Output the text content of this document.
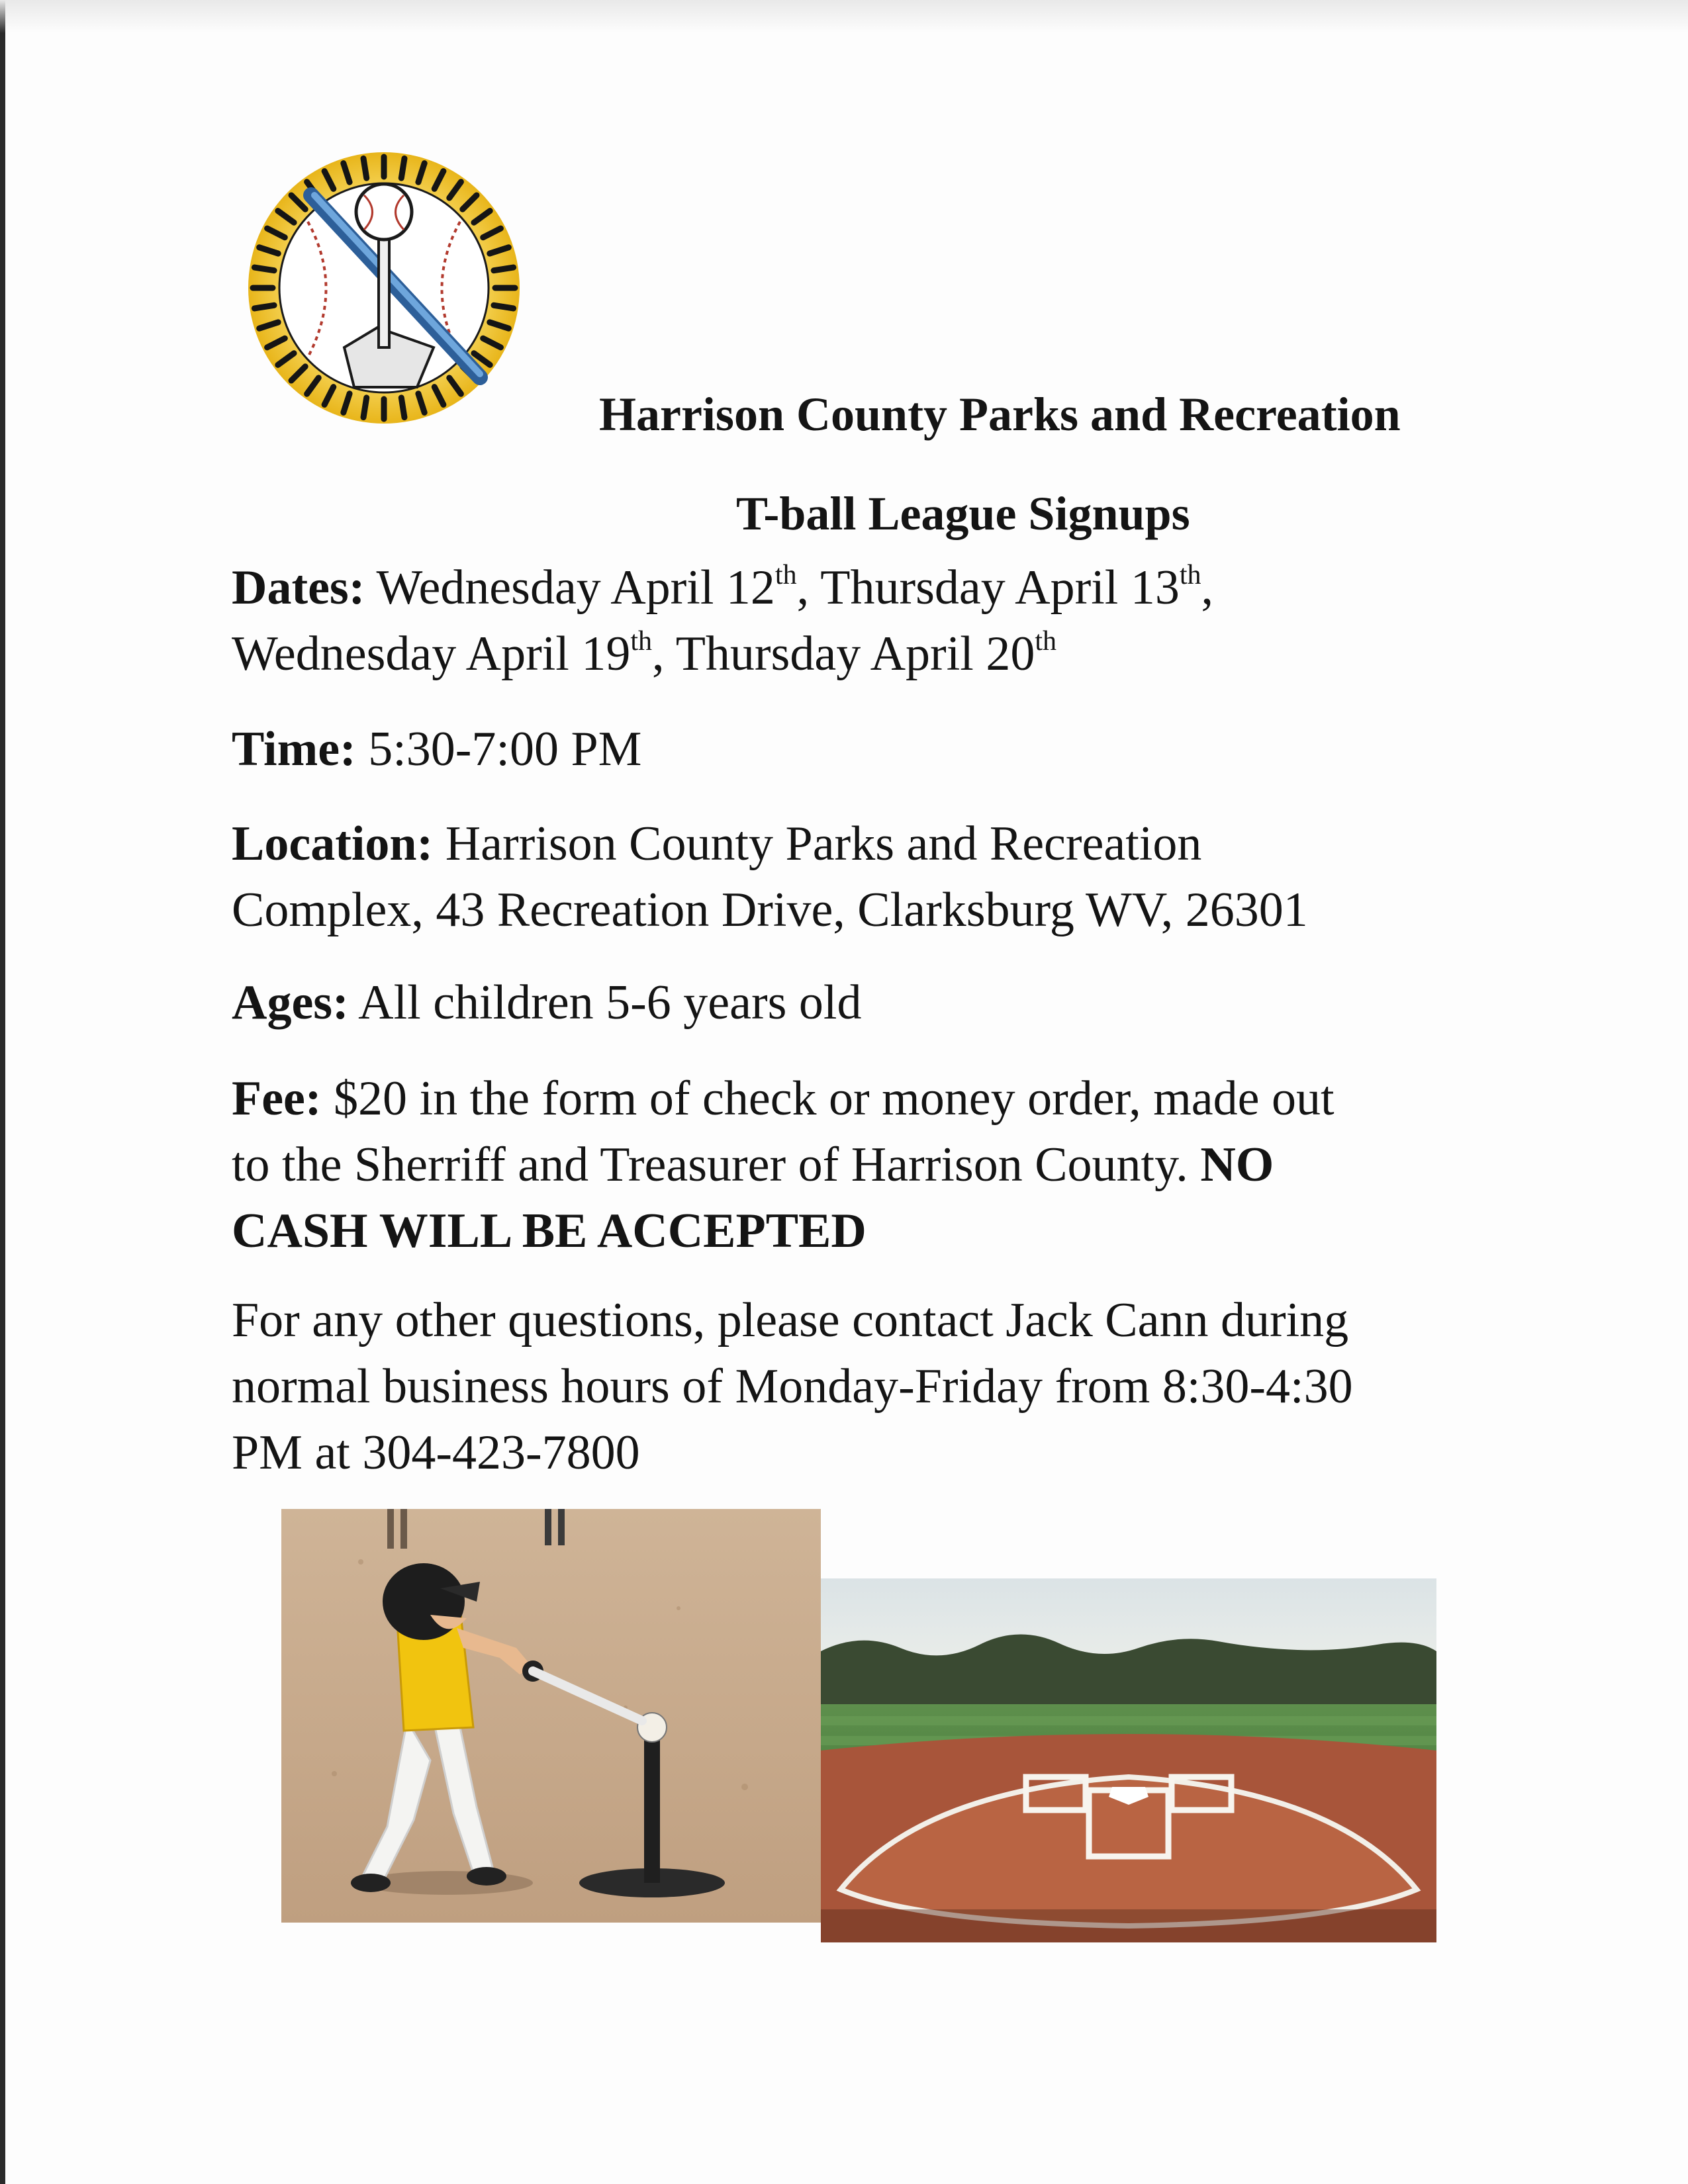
Harrison County Parks and Recreation
T-ball League Signups
Dates: Wednesday April 12th, Thursday April 13th,
Wednesday April 19th, Thursday April 20th
Time: 5:30-7:00 PM
Location: Harrison County Parks and Recreation
Complex, 43 Recreation Drive, Clarksburg WV, 26301
Ages: All children 5-6 years old
Fee: $20 in the form of check or money order, made out
to the Sherriff and Treasurer of Harrison County. NO
CASH WILL BE ACCEPTED
For any other questions, please contact Jack Cann during
normal business hours of Monday-Friday from 8:30-4:30
PM at 304-423-7800
